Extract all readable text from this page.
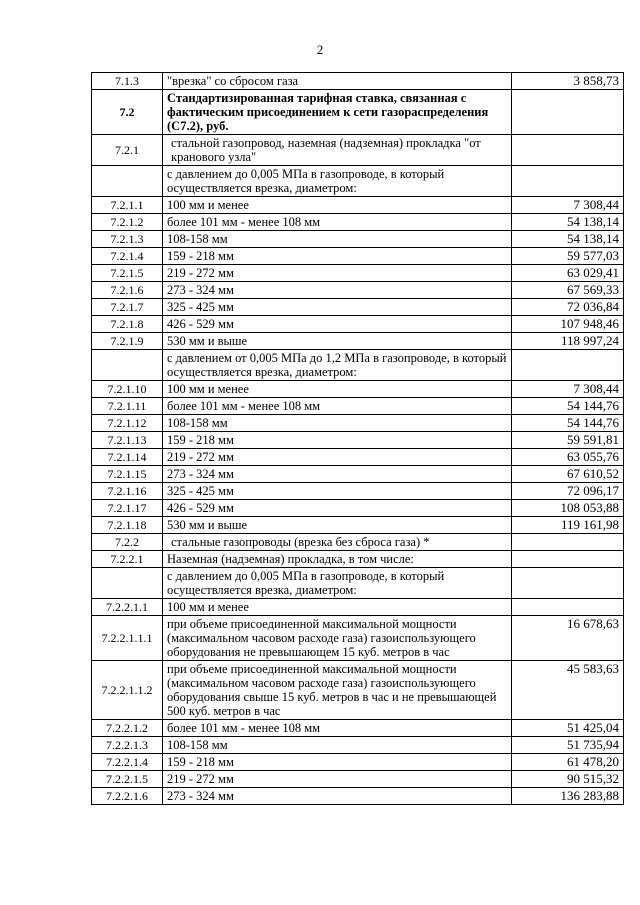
2
7.1.3	"врезка" со сбросом газа	3 858,73
7.2	Стандартизированная тарифная ставка, связанная с фактическим присоединением к сети газораспределения (С7.2), руб.	
7.2.1	стальной газопровод, наземная (надземная) прокладка "от кранового узла"	
	с давлением до 0,005 МПа в газопроводе, в который осуществляется врезка, диаметром:	
7.2.1.1	100 мм и менее	7 308,44
7.2.1.2	более 101 мм - менее 108 мм	54 138,14
7.2.1.3	108-158 мм	54 138,14
7.2.1.4	159 - 218 мм	59 577,03
7.2.1.5	219 - 272 мм	63 029,41
7.2.1.6	273 - 324 мм	67 569,33
7.2.1.7	325 - 425 мм	72 036,84
7.2.1.8	426 - 529 мм	107 948,46
7.2.1.9	530 мм и выше	118 997,24
	с давлением от 0,005 МПа до 1,2 МПа в газопроводе, в который осуществляется врезка, диаметром:	
7.2.1.10	100 мм и менее	7 308,44
7.2.1.11	более 101 мм - менее 108 мм	54 144,76
7.2.1.12	108-158 мм	54 144,76
7.2.1.13	159 - 218 мм	59 591,81
7.2.1.14	219 - 272 мм	63 055,76
7.2.1.15	273 - 324 мм	67 610,52
7.2.1.16	325 - 425 мм	72 096,17
7.2.1.17	426 - 529 мм	108 053,88
7.2.1.18	530 мм и выше	119 161,98
7.2.2	стальные газопроводы (врезка без сброса газа) *	
7.2.2.1	Наземная (надземная) прокладка, в том числе:	
	с давлением до 0,005 МПа в газопроводе, в который осуществляется врезка, диаметром:	
7.2.2.1.1	100 мм и менее	
7.2.2.1.1.1	при объеме присоединенной максимальной мощности (максимальном часовом расходе газа) газоиспользующего оборудования не превышающем 15 куб. метров в час	16 678,63
7.2.2.1.1.2	при объеме присоединенной максимальной мощности (максимальном часовом расходе газа) газоиспользующего оборудования свыше 15 куб. метров в час и не превышающей 500 куб. метров в час	45 583,63
7.2.2.1.2	более 101 мм - менее 108 мм	51 425,04
7.2.2.1.3	108-158 мм	51 735,94
7.2.2.1.4	159 - 218 мм	61 478,20
7.2.2.1.5	219 - 272 мм	90 515,32
7.2.2.1.6	273 - 324 мм	136 283,88
